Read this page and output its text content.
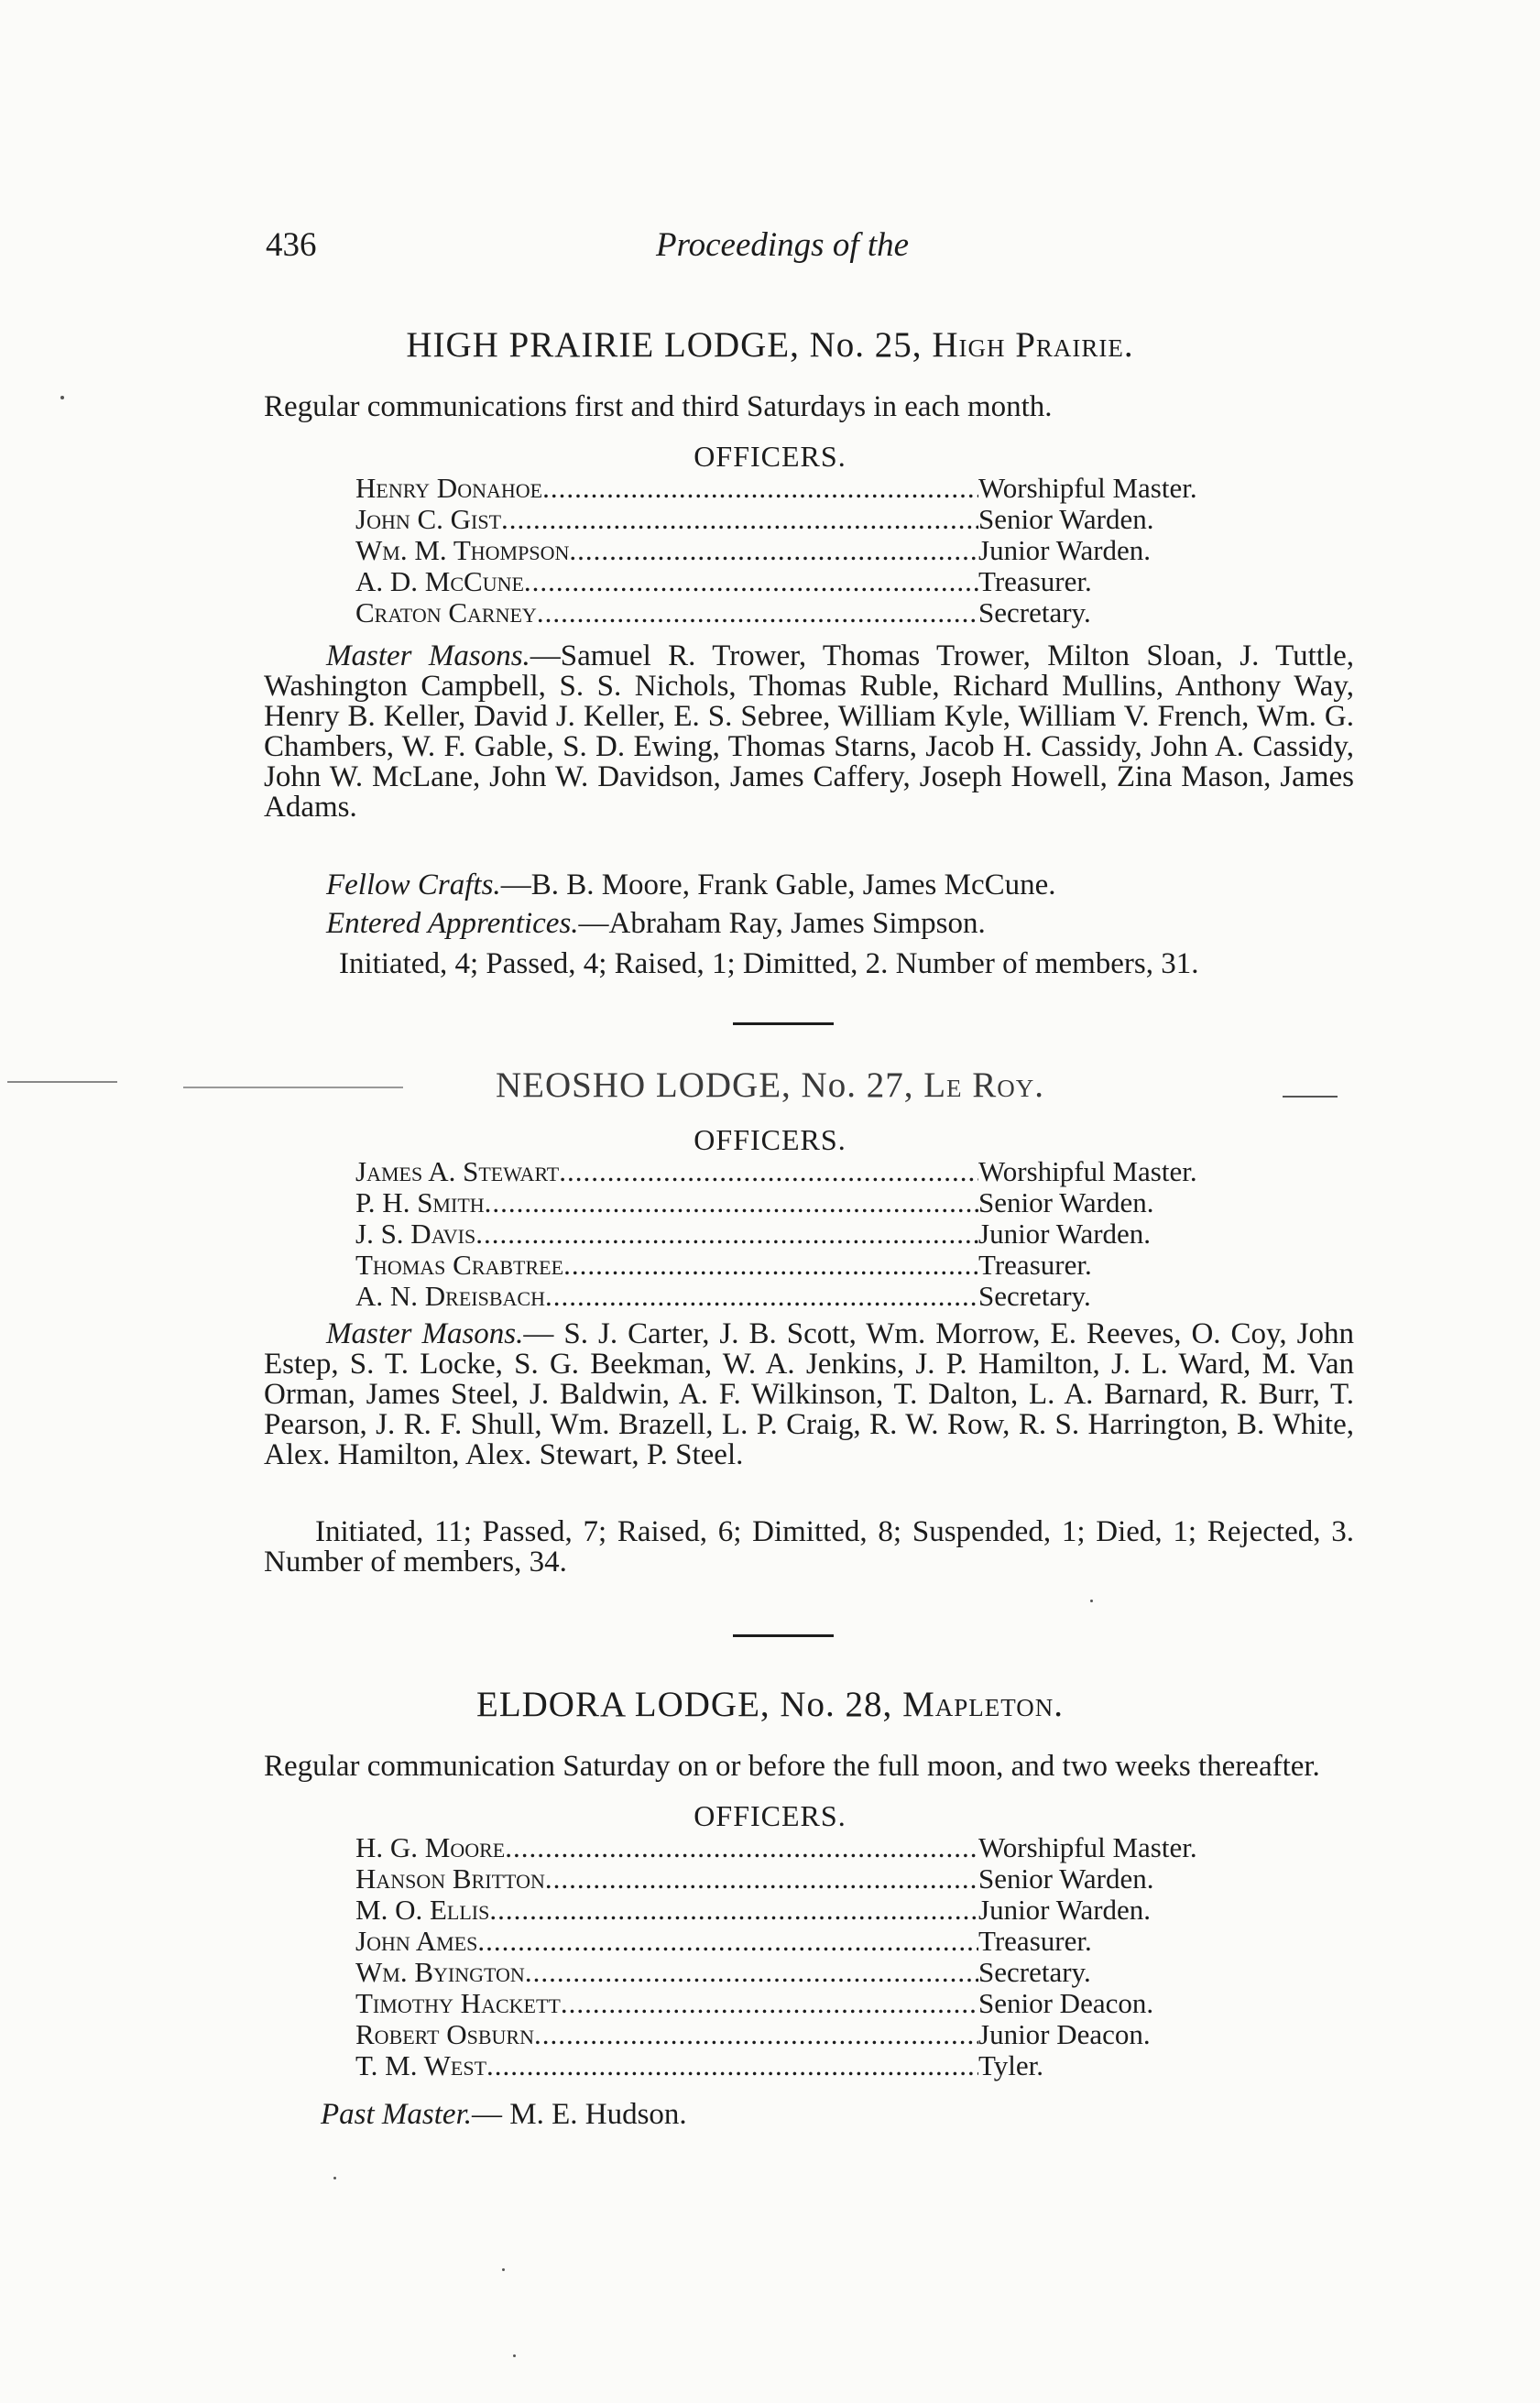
436	Proceedings of the
HIGH PRAIRIE LODGE, No. 25, High Prairie.
Regular communications first and third Saturdays in each month.
OFFICERS.
Henry Donahoe .....	Worshipful Master.
John C. Gist .....	Senior Warden.
Wm. M. Thompson .....	Junior Warden.
A. D. McCune .....	Treasurer.
Craton Carney .....	Secretary.
Master Masons.—Samuel R. Trower, Thomas Trower, Milton Sloan, J. Tuttle, Washington Campbell, S. S. Nichols, Thomas Ruble, Richard Mullins, Anthony Way, Henry B. Keller, David J. Keller, E. S. Sebree, William Kyle, William V. French, Wm. G. Chambers, W. F. Gable, S. D. Ewing, Thomas Starns, Jacob H. Cassidy, John A. Cassidy, John W. McLane, John W. Davidson, James Caffery, Joseph Howell, Zina Mason, James Adams.
Fellow Crafts.—B. B. Moore, Frank Gable, James McCune.
Entered Apprentices.—Abraham Ray, James Simpson.
Initiated, 4; Passed, 4; Raised, 1; Dimitted, 2. Number of members, 31.
NEOSHO LODGE, No. 27, Le Roy.
OFFICERS.
James A. Stewart .....	Worshipful Master.
P. H. Smith .....	Senior Warden.
J. S. Davis .....	Junior Warden.
Thomas Crabtree .....	Treasurer.
A. N. Dreisbach .....	Secretary.
Master Masons.— S. J. Carter, J. B. Scott, Wm. Morrow, E. Reeves, O. Coy, John Estep, S. T. Locke, S. G. Beekman, W. A. Jenkins, J. P. Hamilton, J. L. Ward, M. Van Orman, James Steel, J. Baldwin, A. F. Wilkinson, T. Dalton, L. A. Barnard, R. Burr, T. Pearson, J. R. F. Shull, Wm. Brazell, L. P. Craig, R. W. Row, R. S. Harrington, B. White, Alex. Hamilton, Alex. Stewart, P. Steel.
Initiated, 11; Passed, 7; Raised, 6; Dimitted, 8; Suspended, 1; Died, 1; Rejected, 3. Number of members, 34.
ELDORA LODGE, No. 28, Mapleton.
Regular communication Saturday on or before the full moon, and two weeks thereafter.
OFFICERS.
H. G. Moore .....	Worshipful Master.
Hanson Britton .....	Senior Warden.
M. O. Ellis .....	Junior Warden.
John Ames .....	Treasurer.
Wm. Byington .....	Secretary.
Timothy Hackett .....	Senior Deacon.
Robert Osburn .....	Junior Deacon.
T. M. West .....	Tyler.
Past Master.— M. E. Hudson.
